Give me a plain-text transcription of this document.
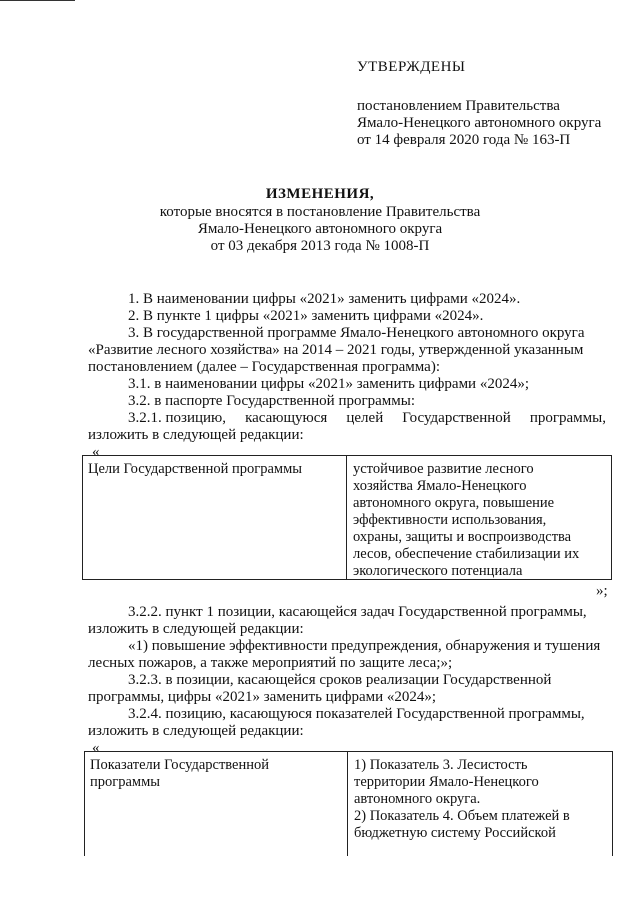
УТВЕРЖДЕНЫ
постановлением Правительства
Ямало-Ненецкого автономного округа
от 14 февраля 2020 года № 163-П
ИЗМЕНЕНИЯ,
которые вносятся в постановление Правительства
Ямало-Ненецкого автономного округа
от 03 декабря 2013 года № 1008-П
1. В наименовании цифры «2021» заменить цифрами «2024».
2. В пункте 1 цифры «2021» заменить цифрами «2024».
3. В государственной программе Ямало-Ненецкого автономного округа
«Развитие лесного хозяйства» на 2014 – 2021 годы, утвержденной указанным
постановлением (далее – Государственная программа):
3.1. в наименовании цифры «2021» заменить цифрами «2024»;
3.2. в паспорте Государственной программы:
3.2.1. позицию, касающуюся целей Государственной программы,
изложить в следующей редакции:
«
Цели Государственной программы	устойчивое развитие лесного
хозяйства Ямало-Ненецкого
автономного округа, повышение
эффективности использования,
охраны, защиты и воспроизводства
лесов, обеспечение стабилизации их
экологического потенциала
»;
3.2.2. пункт 1 позиции, касающейся задач Государственной программы,
изложить в следующей редакции:
«1) повышение эффективности предупреждения, обнаружения и тушения
лесных пожаров, а также мероприятий по защите леса;»;
3.2.3. в позиции, касающейся сроков реализации Государственной
программы, цифры «2021» заменить цифрами «2024»;
3.2.4. позицию, касающуюся показателей Государственной программы,
изложить в следующей редакции:
«
Показатели Государственной
программы
1) Показатель 3. Лесистость
территории Ямало-Ненецкого
автономного округа.
2) Показатель 4. Объем платежей в
бюджетную систему Российской
